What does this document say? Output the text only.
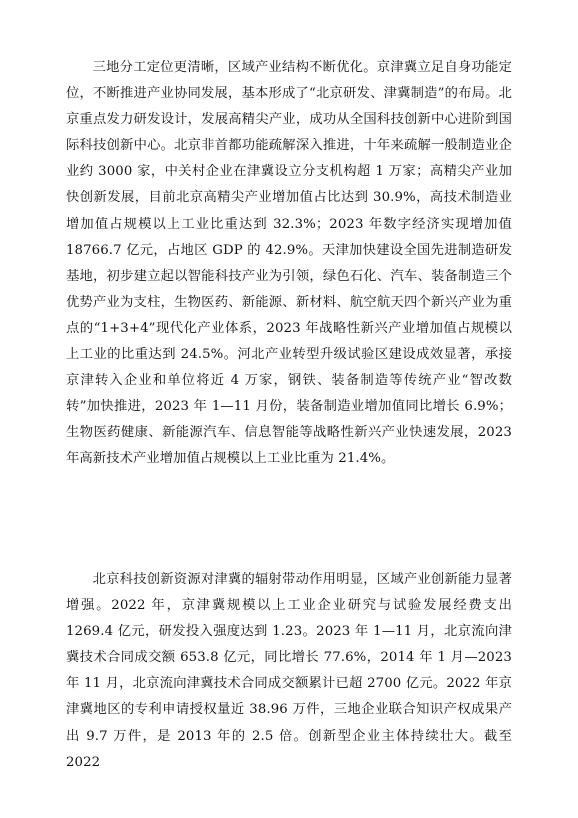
三地分工定位更清晰，区域产业结构不断优化。京津冀立足自身功能定位，不断推进产业协同发展，基本形成了“北京研发、津冀制造”的布局。北京重点发力研发设计，发展高精尖产业，成功从全国科技创新中心进阶到国际科技创新中心。北京非首都功能疏解深入推进，十年来疏解一般制造业企业约 3000 家，中关村企业在津冀设立分支机构超 1 万家；高精尖产业加快创新发展，目前北京高精尖产业增加值占比达到 30.9%，高技术制造业增加值占规模以上工业比重达到 32.3%；2023 年数字经济实现增加值 18766.7 亿元，占地区 GDP 的 42.9%。天津加快建设全国先进制造研发基地，初步建立起以智能科技产业为引领，绿色石化、汽车、装备制造三个优势产业为支柱，生物医药、新能源、新材料、航空航天四个新兴产业为重点的“1+3+4”现代化产业体系，2023 年战略性新兴产业增加值占规模以上工业的比重达到 24.5%。河北产业转型升级试验区建设成效显著，承接京津转入企业和单位将近 4 万家，钢铁、装备制造等传统产业“智改数转”加快推进，2023 年 1—11 月份，装备制造业增加值同比增长 6.9%；生物医药健康、新能源汽车、信息智能等战略性新兴产业快速发展，2023 年高新技术产业增加值占规模以上工业比重为 21.4%。

北京科技创新资源对津冀的辐射带动作用明显，区域产业创新能力显著增强。2022 年，京津冀规模以上工业企业研究与试验发展经费支出 1269.4 亿元，研发投入强度达到 1.23。2023 年 1—11 月，北京流向津冀技术合同成交额 653.8 亿元，同比增长 77.6%，2014 年 1 月—2023 年 11 月，北京流向津冀技术合同成交额累计已超 2700 亿元。2022 年京津冀地区的专利申请授权量近 38.96 万件，三地企业联合知识产权成果产出 9.7 万件，是 2013 年的 2.5 倍。创新型企业主体持续壮大。截至 2022
